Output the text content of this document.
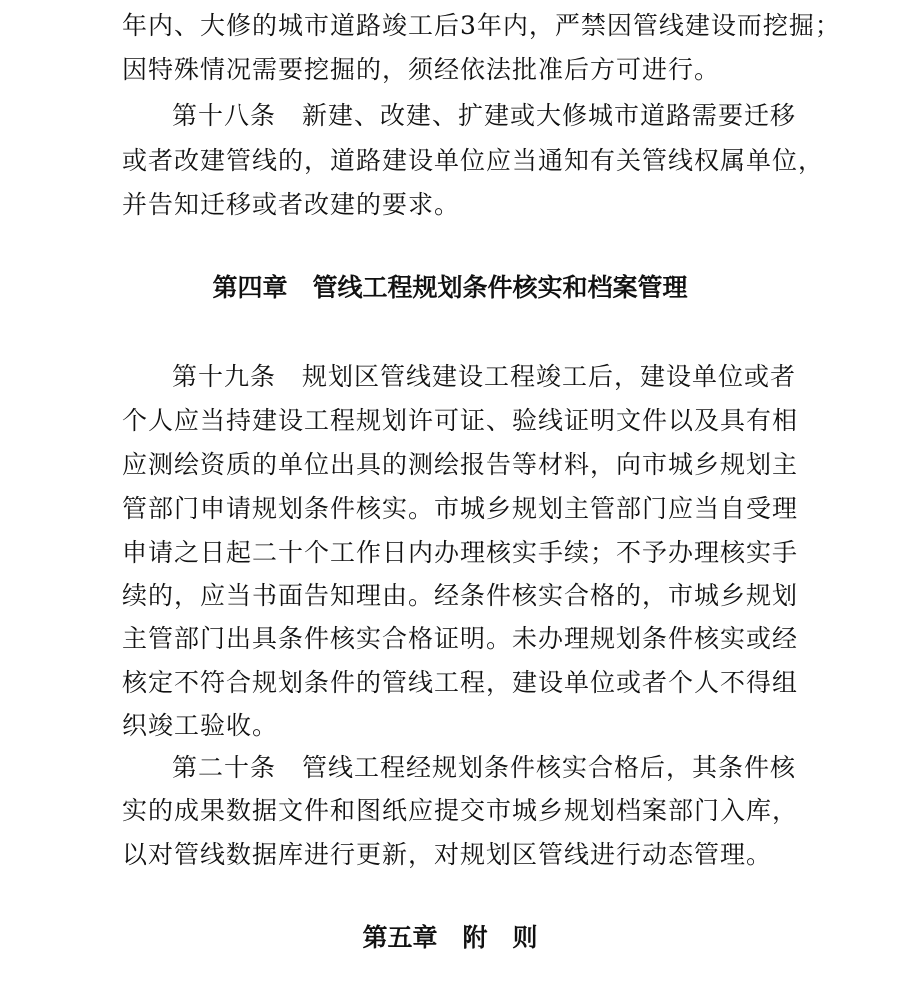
年内、大修的城市道路竣工后3年内，严禁因管线建设而挖掘；
因特殊情况需要挖掘的，须经依法批准后方可进行。
第十八条　新建、改建、扩建或大修城市道路需要迁移
或者改建管线的，道路建设单位应当通知有关管线权属单位，
并告知迁移或者改建的要求。
第四章　管线工程规划条件核实和档案管理
第十九条　规划区管线建设工程竣工后，建设单位或者
个人应当持建设工程规划许可证、验线证明文件以及具有相
应测绘资质的单位出具的测绘报告等材料，向市城乡规划主
管部门申请规划条件核实。市城乡规划主管部门应当自受理
申请之日起二十个工作日内办理核实手续；不予办理核实手
续的，应当书面告知理由。经条件核实合格的，市城乡规划
主管部门出具条件核实合格证明。未办理规划条件核实或经
核定不符合规划条件的管线工程，建设单位或者个人不得组
织竣工验收。
第二十条　管线工程经规划条件核实合格后，其条件核
实的成果数据文件和图纸应提交市城乡规划档案部门入库，
以对管线数据库进行更新，对规划区管线进行动态管理。
第五章　附　则
